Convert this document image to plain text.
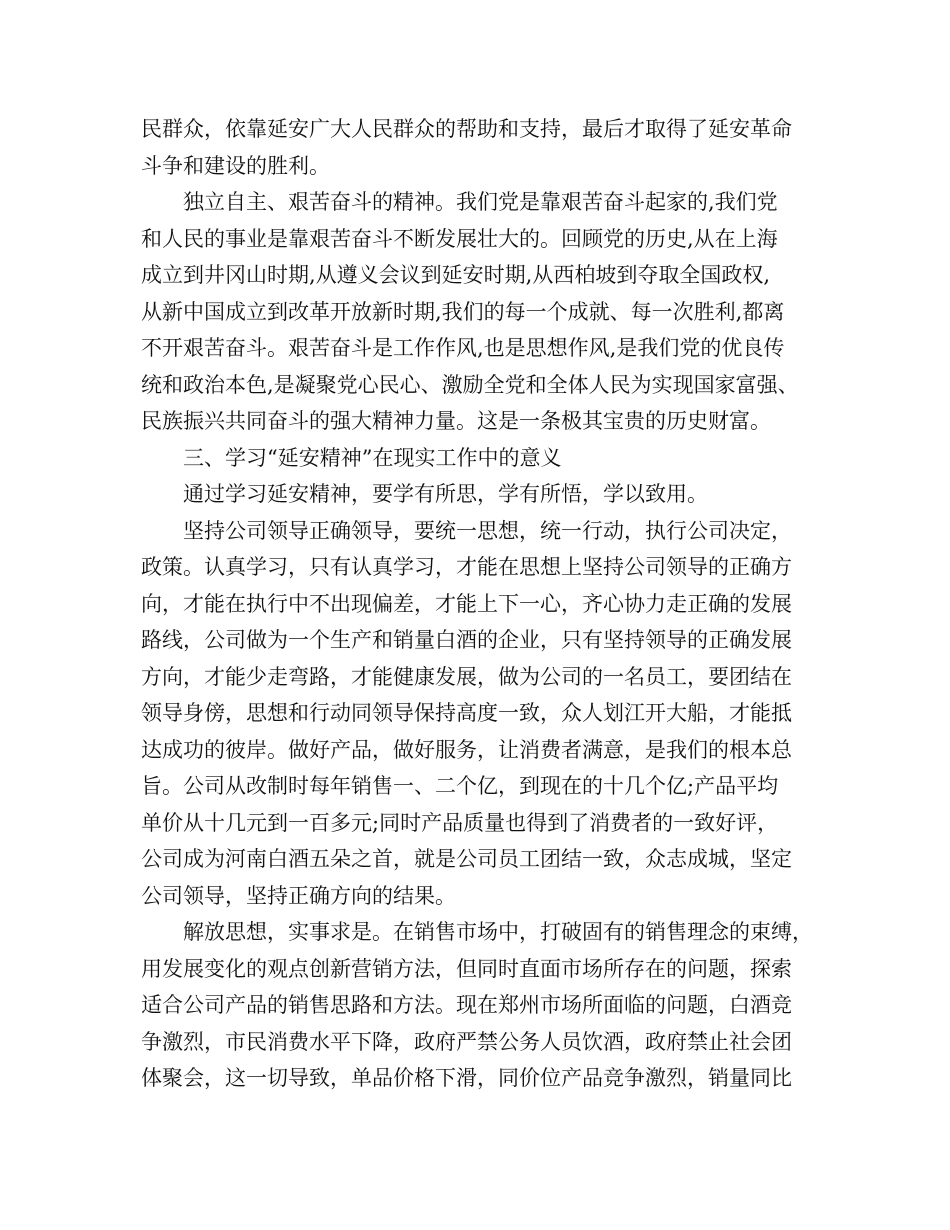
民群众，依靠延安广大人民群众的帮助和支持，最后才取得了延安革命
斗争和建设的胜利。
独立自主、艰苦奋斗的精神。我们党是靠艰苦奋斗起家的,我们党
和人民的事业是靠艰苦奋斗不断发展壮大的。回顾党的历史,从在上海
成立到井冈山时期,从遵义会议到延安时期,从西柏坡到夺取全国政权,
从新中国成立到改革开放新时期,我们的每一个成就、每一次胜利,都离
不开艰苦奋斗。艰苦奋斗是工作作风,也是思想作风,是我们党的优良传
统和政治本色,是凝聚党心民心、激励全党和全体人民为实现国家富强、
民族振兴共同奋斗的强大精神力量。这是一条极其宝贵的历史财富。
三、学习“延安精神”在现实工作中的意义
通过学习延安精神，要学有所思，学有所悟，学以致用。
坚持公司领导正确领导，要统一思想，统一行动，执行公司决定，
政策。认真学习，只有认真学习，才能在思想上坚持公司领导的正确方
向，才能在执行中不出现偏差，才能上下一心，齐心协力走正确的发展
路线，公司做为一个生产和销量白酒的企业，只有坚持领导的正确发展
方向，才能少走弯路，才能健康发展，做为公司的一名员工，要团结在
领导身傍，思想和行动同领导保持高度一致，众人划江开大船，才能抵
达成功的彼岸。做好产品，做好服务，让消费者满意，是我们的根本总
旨。公司从改制时每年销售一、二个亿，到现在的十几个亿;产品平均
单价从十几元到一百多元;同时产品质量也得到了消费者的一致好评，
公司成为河南白酒五朵之首，就是公司员工团结一致，众志成城，坚定
公司领导，坚持正确方向的结果。
解放思想，实事求是。在销售市场中，打破固有的销售理念的束缚，
用发展变化的观点创新营销方法，但同时直面市场所存在的问题，探索
适合公司产品的销售思路和方法。现在郑州市场所面临的问题，白酒竞
争激烈，市民消费水平下降，政府严禁公务人员饮酒，政府禁止社会团
体聚会，这一切导致，单品价格下滑，同价位产品竞争激烈，销量同比
